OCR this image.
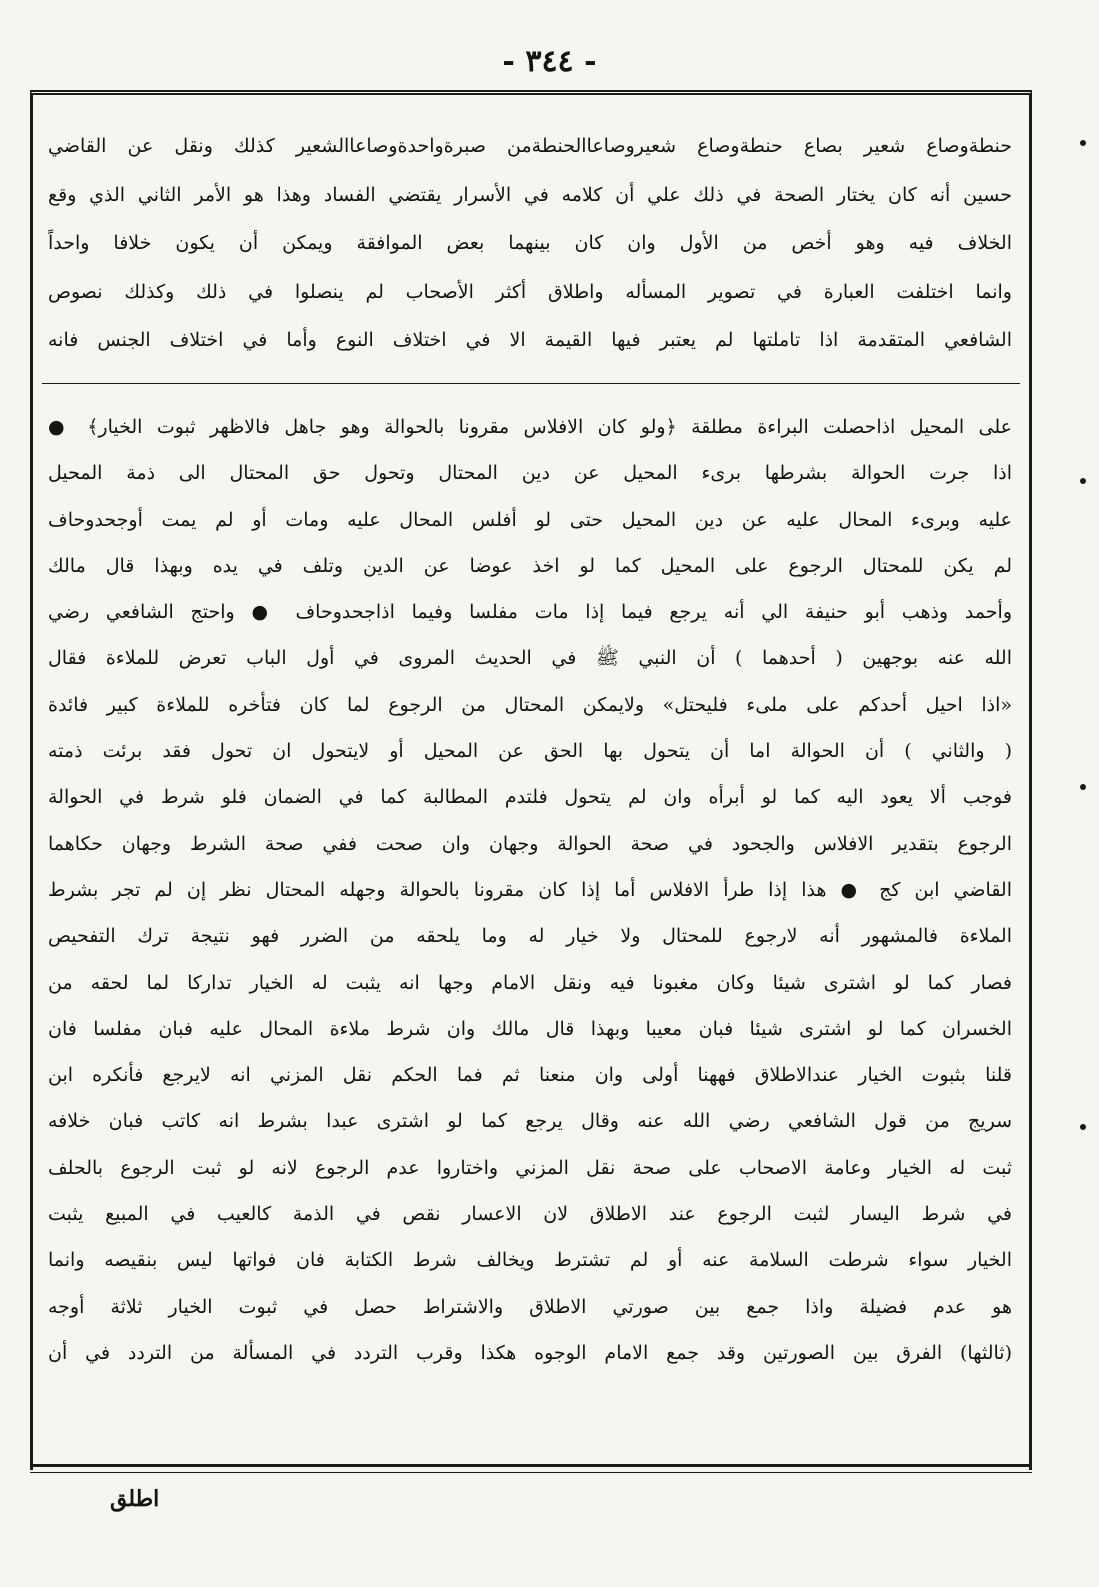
- ٣٤٤ -
حنطةوصاع شعير بصاع حنطةوصاع شعيروصاعاالحنطةمن صبرةواحدةوصاعاالشعير كذلك ونقل عن القاضي
حسين أنه كان يختار الصحة في ذلك علي أن كلامه في الأسرار يقتضي الفساد وهذا هو الأمر الثاني الذي وقع
الخلاف فيه وهو أخص من الأول وان كان بينهما بعض الموافقة ويمكن أن يكون خلافا واحداً
وانما اختلفت العبارة في تصوير المسأله واطلاق أكثر الأصحاب لم ينصلوا في ذلك وكذلك نصوص
الشافعي المتقدمة اذا تاملتها لم يعتبر فيها القيمة الا في اختلاف النوع وأما في اختلاف الجنس فانه
على المحيل اذاحصلت البراءة مطلقة ﴿ولو كان الافلاس مقرونا بالحوالة وهو جاهل فالاظهر ثبوت الخيار﴾ ●
اذا جرت الحوالة بشرطها برىء المحيل عن دين المحتال وتحول حق المحتال الى ذمة المحيل
عليه وبرىء المحال عليه عن دين المحيل حتى لو أفلس المحال عليه ومات أو لم يمت أوجحدوحاف
لم يكن للمحتال الرجوع على المحيل كما لو اخذ عوضا عن الدين وتلف في يده وبهذا قال مالك
وأحمد وذهب أبو حنيفة الي أنه يرجع فيما إذا مات مفلسا وفيما اذاجحدوحاف ● واحتج الشافعي رضي
الله عنه بوجهين ( أحدهما ) أن النبي ﷺ في الحديث المروى في أول الباب تعرض للملاءة فقال
«اذا احيل أحدكم على ملىء فليحتل» ولايمكن المحتال من الرجوع لما كان فتأخره للملاءة كبير فائدة
( والثاني ) أن الحوالة اما أن يتحول بها الحق عن المحيل أو لايتحول ان تحول فقد برئت ذمته
فوجب ألا يعود اليه كما لو أبرأه وان لم يتحول فلتدم المطالبة كما في الضمان فلو شرط في الحوالة
الرجوع بتقدير الافلاس والجحود في صحة الحوالة وجهان وان صحت ففي صحة الشرط وجهان حكاهما
القاضي ابن كج ● هذا إذا طرأ الافلاس أما إذا كان مقرونا بالحوالة وجهله المحتال نظر إن لم تجر بشرط
الملاءة فالمشهور أنه لارجوع للمحتال ولا خيار له وما يلحقه من الضرر فهو نتيجة ترك التفحيص
فصار كما لو اشترى شيئا وكان مغبونا فيه ونقل الامام وجها انه يثبت له الخيار تداركا لما لحقه من
الخسران كما لو اشترى شيئا فبان معيبا وبهذا قال مالك وان شرط ملاءة المحال عليه فبان مفلسا فان
قلنا بثبوت الخيار عندالاطلاق فههنا أولى وان منعنا ثم فما الحكم نقل المزني انه لايرجع فأنكره ابن
سريج من قول الشافعي رضي الله عنه وقال يرجع كما لو اشترى عبدا بشرط انه كاتب فبان خلافه
ثبت له الخيار وعامة الاصحاب على صحة نقل المزني واختاروا عدم الرجوع لانه لو ثبت الرجوع بالحلف
في شرط اليسار لثبت الرجوع عند الاطلاق لان الاعسار نقص في الذمة كالعيب في المبيع يثبت
الخيار سواء شرطت السلامة عنه أو لم تشترط ويخالف شرط الكتابة فان فواتها ليس بنقيصه وانما
هو عدم فضيلة واذا جمع بين صورتي الاطلاق والاشتراط حصل في ثبوت الخيار ثلاثة أوجه
(ثالثها) الفرق بين الصورتين وقد جمع الامام الوجوه هكذا وقرب التردد في المسألة من التردد في أن
اطلق
